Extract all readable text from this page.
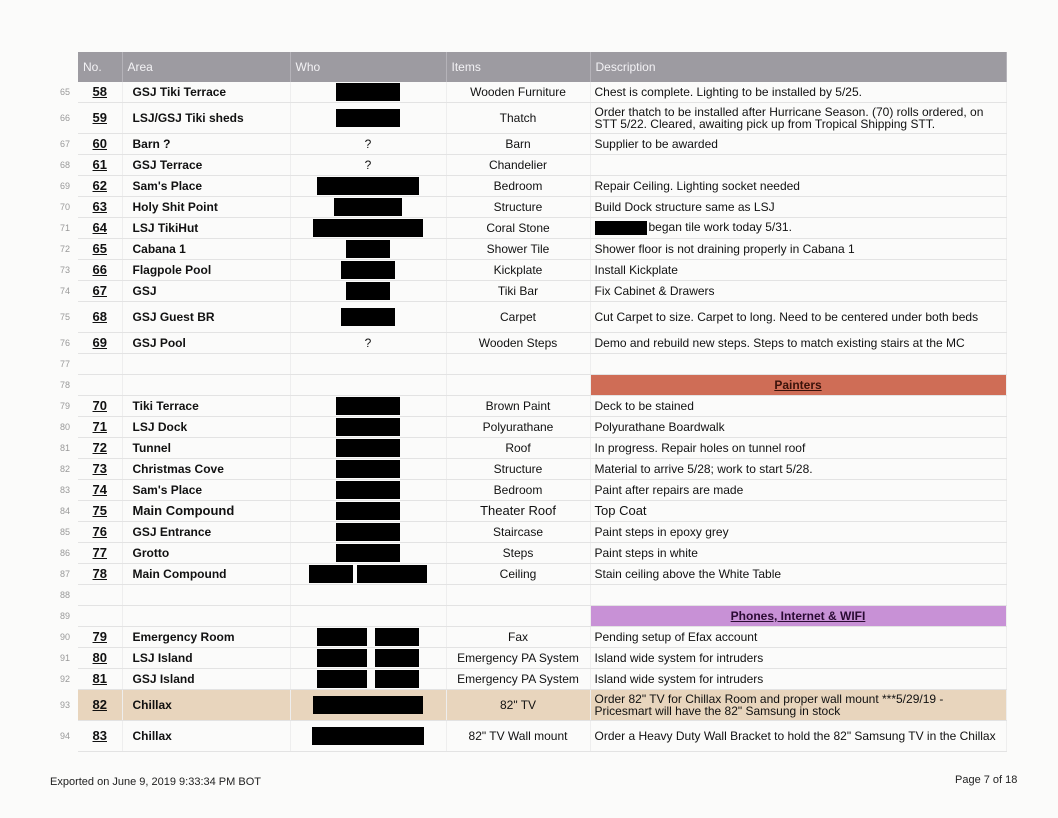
	No.	Area	Who	Items	Description
65	58	GSJ Tiki Terrace		Wooden Furniture	Chest is complete. Lighting to be installed by 5/25.
66	59	LSJ/GSJ Tiki sheds		Thatch	Order thatch to be installed after Hurricane Season. (70) rolls ordered, on STT 5/22. Cleared, awaiting pick up from Tropical Shipping STT.
67	60	Barn ?	?	Barn	Supplier to be awarded
68	61	GSJ Terrace	?	Chandelier	
69	62	Sam's Place		Bedroom	Repair Ceiling. Lighting socket needed
70	63	Holy Shit Point		Structure	Build Dock structure same as LSJ
71	64	LSJ TikiHut		Coral Stone	began tile work today 5/31.
72	65	Cabana 1		Shower Tile	Shower floor is not draining properly in Cabana 1
73	66	Flagpole Pool		Kickplate	Install Kickplate
74	67	GSJ		Tiki Bar	Fix Cabinet & Drawers
75	68	GSJ Guest BR		Carpet	Cut Carpet to size. Carpet to long. Need to be centered under both beds
76	69	GSJ Pool	?	Wooden Steps	Demo and rebuild new steps. Steps to match existing stairs at the MC
77					
78					Painters
79	70	Tiki Terrace		Brown Paint	Deck to be stained
80	71	LSJ Dock		Polyurathane	Polyurathane Boardwalk
81	72	Tunnel		Roof	In progress. Repair holes on tunnel roof
82	73	Christmas Cove		Structure	Material to arrive 5/28; work to start 5/28.
83	74	Sam's Place		Bedroom	Paint after repairs are made
84	75	Main Compound		Theater Roof	Top Coat
85	76	GSJ Entrance		Staircase	Paint steps in epoxy grey
86	77	Grotto		Steps	Paint steps in white
87	78	Main Compound		Ceiling	Stain ceiling above the White Table
88					
89					Phones, Internet & WIFI
90	79	Emergency Room		Fax	Pending setup of Efax account
91	80	LSJ Island		Emergency PA System	Island wide system for intruders
92	81	GSJ Island		Emergency PA System	Island wide system for intruders
93	82	Chillax		82" TV	Order 82" TV for Chillax Room and proper wall mount ***5/29/19 - Pricesmart will have the 82" Samsung in stock
94	83	Chillax		82" TV Wall mount	Order a Heavy Duty Wall Bracket to hold the 82" Samsung TV in the Chillax
Exported on June 9, 2019 9:33:34 PM BOT	Page 7 of 18
